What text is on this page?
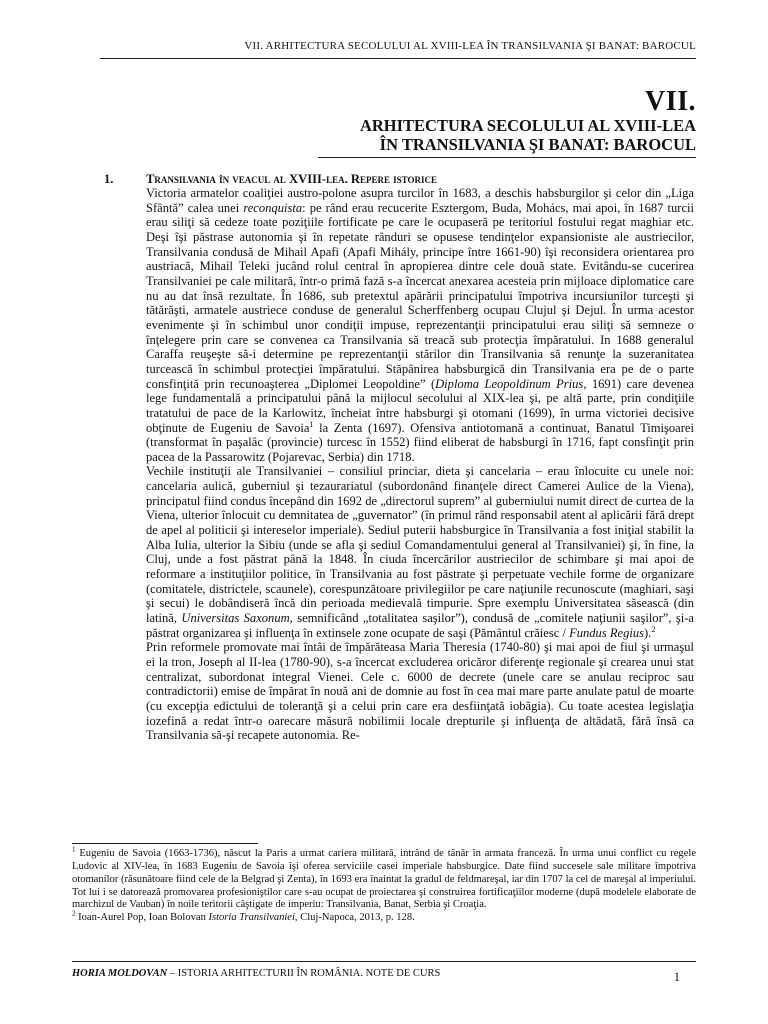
VII. ARHITECTURA SECOLULUI AL XVIII-LEA ÎN TRANSILVANIA ŞI BANAT: BAROCUL
VII.
ARHITECTURA SECOLULUI AL XVIII-LEA
ÎN TRANSILVANIA ŞI BANAT: BAROCUL
1.	Transilvania în veacul al XVIII-lea. Repere istorice

Victoria armatelor coaliţiei austro-polone asupra turcilor în 1683, a deschis habsburgilor şi celor din „Liga Sfântă” calea unei reconquista: pe rând erau recucerite Esztergom, Buda, Mohács, mai apoi, în 1687 turcii erau siliţi să cedeze toate poziţiile fortificate pe care le ocupaseră pe teritoriul fostului regat maghiar etc. Deşi îşi păstrase autonomia şi în repetate rânduri se opusese tendinţelor expansioniste ale austriecilor, Transilvania condusă de Mihail Apafi (Apafi Mihály, principe între 1661-90) îşi reconsidera orientarea pro austriacă, Mihail Teleki jucând rolul central în apropierea dintre cele două state. Evitându-se cucerirea Transilvaniei pe cale militară, într-o primă fază s-a încercat anexarea acesteia prin mijloace diplomatice care nu au dat însă rezultate. În 1686, sub pretextul apărării principatului împotriva incursiunilor turceşti şi tătărăşti, armatele austriece conduse de generalul Scherffenberg ocupau Clujul şi Dejul. În urma acestor evenimente şi în schimbul unor condiţii impuse, reprezentanţii principatului erau siliţi să semneze o înţelegere prin care se convenea ca Transilvania să treacă sub protecţia împăratului. In 1688 generalul Caraffa reuşeşte să-i determine pe reprezentanţii stărilor din Transilvania să renunţe la suzeranitatea turcească în schimbul protecţiei împăratului. Stăpânirea habsburgică din Transilvania era pe de o parte consfinţită prin recunoaşterea „Diplomei Leopoldine” (Diploma Leopoldinum Prius, 1691) care devenea lege fundamentală a principatului până la mijlocul secolului al XIX-lea şi, pe altă parte, prin condiţiile tratatului de pace de la Karlowitz, încheiat între habsburgi şi otomani (1699), în urma victoriei decisive obţinute de Eugeniu de Savoia$^1$ la Zenta (1697). Ofensiva antiotomană a continuat, Banatul Timişoarei (transformat în paşalâc (provincie) turcesc în 1552) fiind eliberat de habsburgi în 1716, fapt consfinţit prin pacea de la Passarowitz (Pojarevac, Serbia) din 1718.

Vechile instituţii ale Transilvaniei – consiliul princiar, dieta şi cancelaria – erau înlocuite cu unele noi: cancelaria aulică, guberniul şi tezaurariatul (subordonând finanţele direct Camerei Aulice de la Viena), principatul fiind condus începând din 1692 de „directorul suprem” al guberniului numit direct de curtea de la Viena, ulterior înlocuit cu demnitatea de „guvernator” (în primul rând responsabil atent al aplicării fără drept de apel al politicii şi intereselor imperiale). Sediul puterii habsburgice în Transilvania a fost iniţial stabilit la Alba Iulia, ulterior la Sibiu (unde se afla şi sediul Comandamentului general al Transilvaniei) şi, în fine, la Cluj, unde a fost păstrat până la 1848. În ciuda încercărilor austriecilor de schimbare şi mai apoi de reformare a instituţiilor politice, în Transilvania au fost păstrate şi perpetuate vechile forme de organizare (comitatele, districtele, scaunele), corespunzătoare privilegiilor pe care naţiunile recunoscute (maghiari, saşi şi secui) le dobândiseră încă din perioada medievală timpurie. Spre exemplu Universitatea săsească (din latină, Universitas Saxonum, semnificând „totalitatea saşilor”), condusă de „comitele naţiunii saşilor”, şi-a păstrat organizarea şi influenţa în extinsele zone ocupate de saşi (Pământul crăiesc / Fundus Regius).$^2$

Prin reformele promovate mai întâi de împărăteasa Maria Theresia (1740-80) şi mai apoi de fiul şi urmaşul ei la tron, Joseph al II-lea (1780-90), s-a încercat excluderea oricăror diferenţe regionale şi crearea unui stat centralizat, subordonat integral Vienei. Cele c. 6000 de decrete (unele care se anulau reciproc sau contradictorii) emise de împărat în nouă ani de domnie au fost în cea mai mare parte anulate patul de moarte (cu excepţia edictului de toleranţă şi a celui prin care era desfiinţată iobăgia). Cu toate acestea legislaţia iozefină a redat într-o oarecare măsură nobilimii locale drepturile şi influenţa de altădată, fără însă ca Transilvania să-şi recapete autonomia. Re-

$^1$ Eugeniu de Savoia (1663-1736), născut la Paris a urmat cariera militară, intrând de tânăr în armata franceză. În urma unui conflict cu regele Ludovic al XIV-lea, în 1683 Eugeniu de Savoia îşi oferea serviciile casei imperiale habsburgice. Date fiind succesele sale militare împotriva otomanilor (răsunătoare fiind cele de la Belgrad şi Zenta), în 1693 era înaintat la gradul de feldmareşal, iar din 1707 la cel de mareşal al imperiului. Tot lui i se datorează promovarea profesioniştilor care s-au ocupat de proiectarea şi construirea fortificaţiilor moderne (după modelele elaborate de marchizul de Vauban) în noile teritorii câştigate de imperiu: Transilvania, Banat, Serbia şi Croaţia.

$^2$ Ioan-Aurel Pop, Ioan Bolovan Istoria Transilvaniei, Cluj-Napoca, 2013, p. 128.

HORIA MOLDOVAN – ISTORIA ARHITECTURII ÎN ROMÂNIA. NOTE DE CURS	1
